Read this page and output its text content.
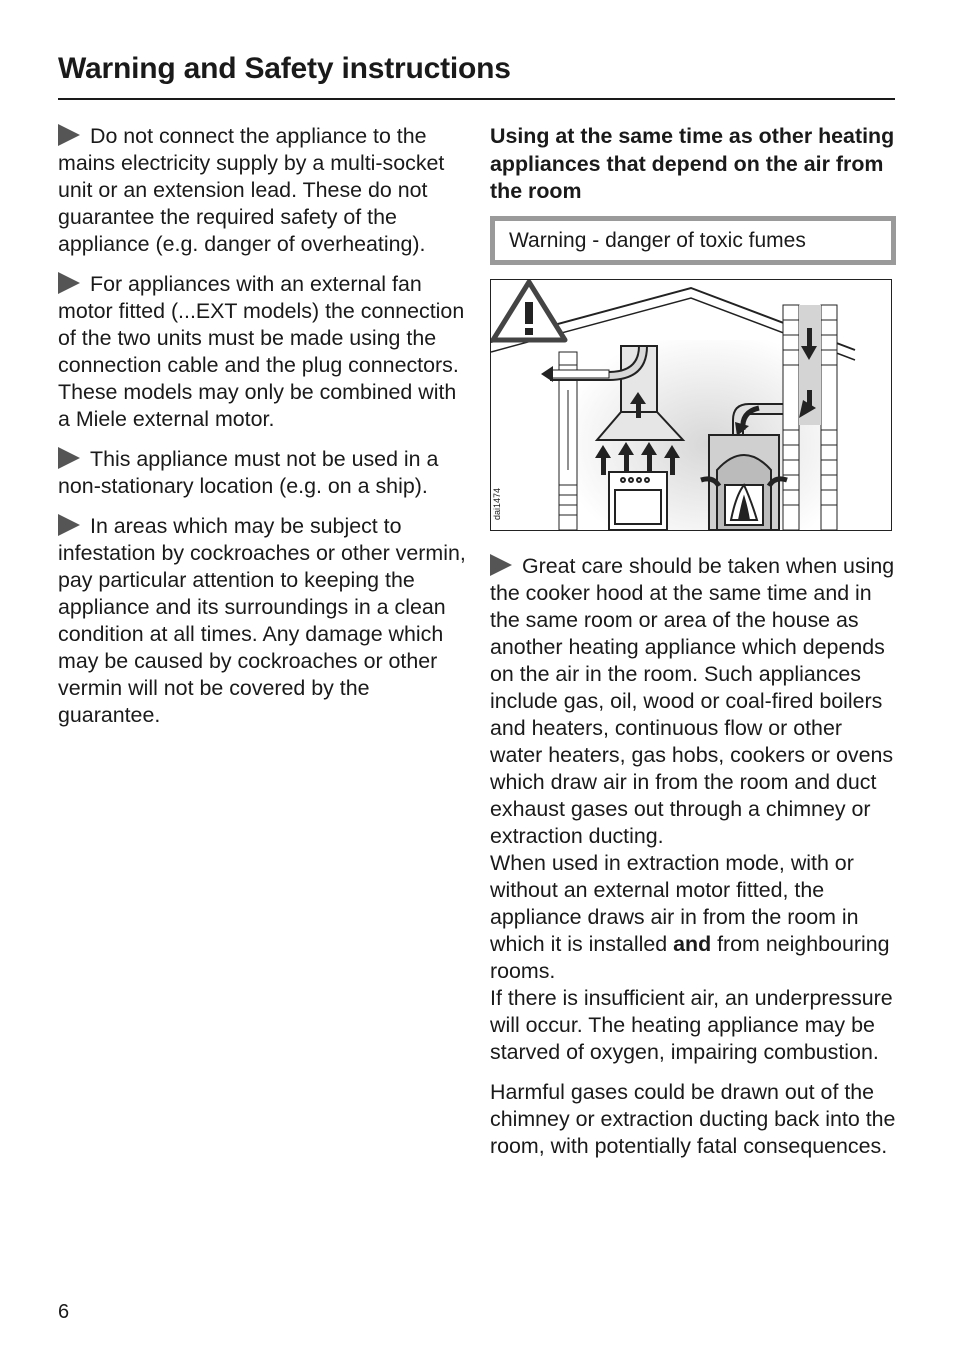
Warning and Safety instructions

Do not connect the appliance to the mains electricity supply by a multi-socket unit or an extension lead. These do not guarantee the required safety of the appliance (e.g. danger of overheating).

For appliances with an external fan motor fitted (...EXT models) the connection of the two units must be made using the connection cable and the plug connectors.
These models may only be combined with a Miele external motor.

This appliance must not be used in a non-stationary location (e.g. on a ship).

In areas which may be subject to infestation by cockroaches or other vermin, pay particular attention to keeping the appliance and its surroundings in a clean condition at all times. Any damage which may be caused by cockroaches or other vermin will not be covered by the guarantee.

Using at the same time as other heating appliances that depend on the air from the room

Warning - danger of toxic fumes
dai1474

Great care should be taken when using the cooker hood at the same time and in the same room or area of the house as another heating appliance which depends on the air in the room. Such appliances include gas, oil, wood or coal-fired boilers and heaters, continuous flow or other water heaters, gas hobs, cookers or ovens which draw air in from the room and duct exhaust gases out through a chimney or extraction ducting.
When used in extraction mode, with or without an external motor fitted, the appliance draws air in from the room in which it is installed and from neighbouring rooms.
If there is insufficient air, an underpressure will occur. The heating appliance may be starved of oxygen, impairing combustion.

Harmful gases could be drawn out of the chimney or extraction ducting back into the room, with potentially fatal consequences.

6
